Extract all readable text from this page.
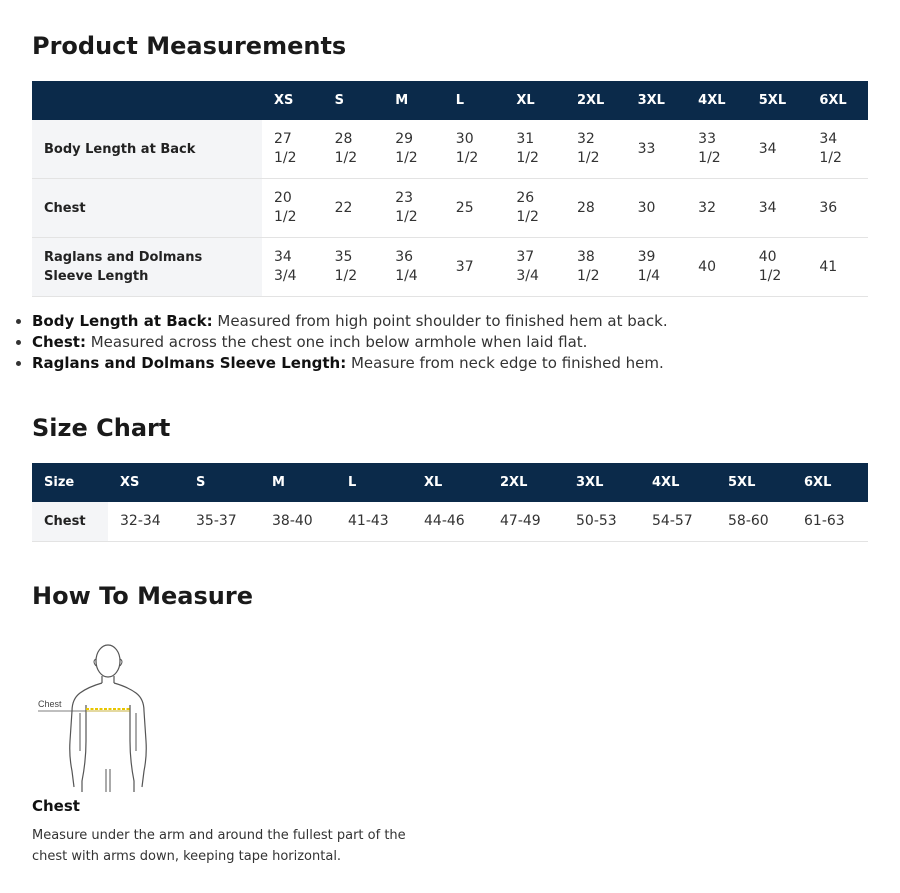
Product Measurements
	XS	S	M	L	XL	2XL	3XL	4XL	5XL	6XL
Body Length at Back	27 1/2	28 1/2	29 1/2	30 1/2	31 1/2	32 1/2	33	33 1/2	34	34 1/2
Chest	20 1/2	22	23 1/2	25	26 1/2	28	30	32	34	36
Raglans and Dolmans Sleeve Length	34 3/4	35 1/2	36 1/4	37	37 3/4	38 1/2	39 1/4	40	40 1/2	41
• Body Length at Back: Measured from high point shoulder to finished hem at back.
• Chest: Measured across the chest one inch below armhole when laid flat.
• Raglans and Dolmans Sleeve Length: Measure from neck edge to finished hem.
Size Chart
Size	XS	S	M	L	XL	2XL	3XL	4XL	5XL	6XL
Chest	32-34	35-37	38-40	41-43	44-46	47-49	50-53	54-57	58-60	61-63
How To Measure
Chest
Chest
Measure under the arm and around the fullest part of the chest with arms down, keeping tape horizontal.
